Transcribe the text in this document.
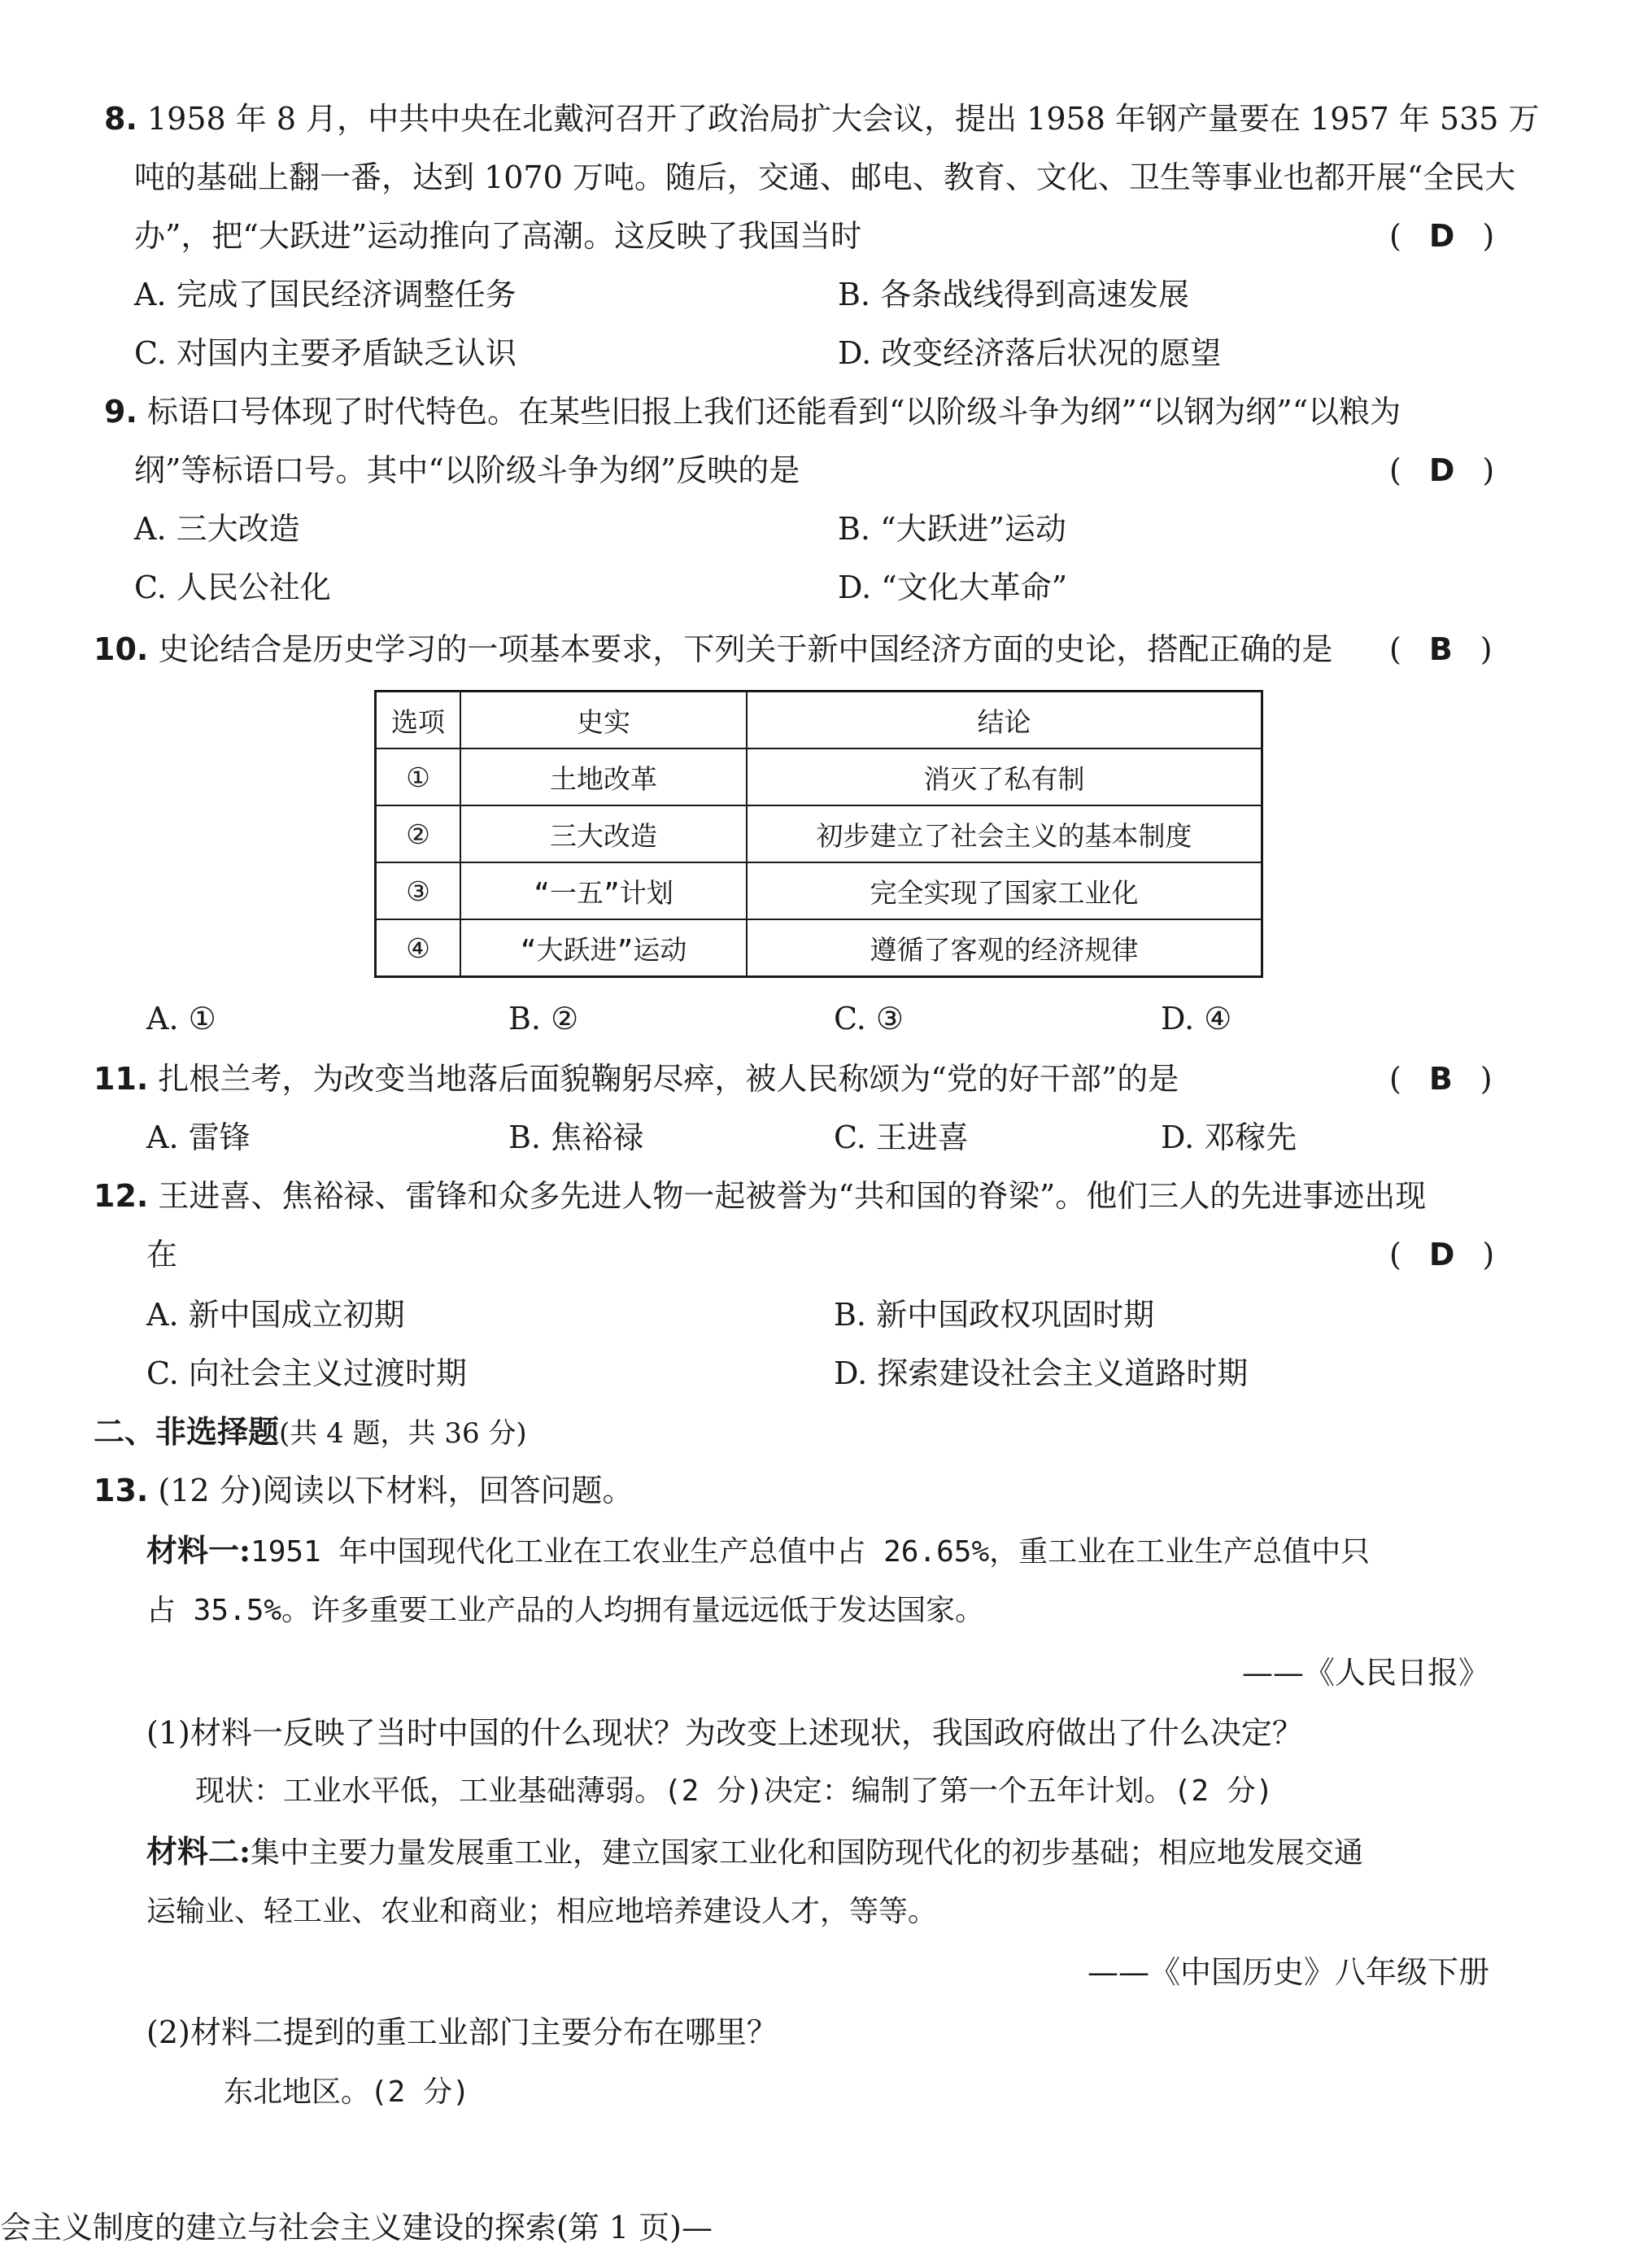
8. 1958 年 8 月，中共中央在北戴河召开了政治局扩大会议，提出 1958 年钢产量要在 1957 年 535 万
吨的基础上翻一番，达到 1070 万吨。随后，交通、邮电、教育、文化、卫生等事业也都开展“全民大
办”，把“大跃进”运动推向了高潮。这反映了我国当时	( D )
A. 完成了国民经济调整任务	B. 各条战线得到高速发展
C. 对国内主要矛盾缺乏认识	D. 改变经济落后状况的愿望
9. 标语口号体现了时代特色。在某些旧报上我们还能看到“以阶级斗争为纲”“以钢为纲”“以粮为
纲”等标语口号。其中“以阶级斗争为纲”反映的是	( D )
A. 三大改造	B. “大跃进”运动
C. 人民公社化	D. “文化大革命”
10. 史论结合是历史学习的一项基本要求，下列关于新中国经济方面的史论，搭配正确的是 ( B )
选项	史实	结论
①	土地改革	消灭了私有制
②	三大改造	初步建立了社会主义的基本制度
③	“一五”计划	完全实现了国家工业化
④	“大跃进”运动	遵循了客观的经济规律
A. ①	B. ②	C. ③	D. ④
11. 扎根兰考，为改变当地落后面貌鞠躬尽瘁，被人民称颂为“党的好干部”的是	( B )
A. 雷锋	B. 焦裕禄	C. 王进喜	D. 邓稼先
12. 王进喜、焦裕禄、雷锋和众多先进人物一起被誉为“共和国的脊梁”。他们三人的先进事迹出现
在	( D )
A. 新中国成立初期	B. 新中国政权巩固时期
C. 向社会主义过渡时期	D. 探索建设社会主义道路时期
二、非选择题(共 4 题，共 36 分)
13. (12 分)阅读以下材料，回答问题。
材料一:1951 年中国现代化工业在工农业生产总值中占 26.65%，重工业在工业生产总值中只
占 35.5%。许多重要工业产品的人均拥有量远远低于发达国家。
——《人民日报》
(1)材料一反映了当时中国的什么现状？为改变上述现状，我国政府做出了什么决定？
现状：工业水平低，工业基础薄弱。(2 分)决定：编制了第一个五年计划。(2 分)
材料二:集中主要力量发展重工业，建立国家工业化和国防现代化的初步基础；相应地发展交通
运输业、轻工业、农业和商业；相应地培养建设人才，等等。
——《中国历史》八年级下册
(2)材料二提到的重工业部门主要分布在哪里？
东北地区。(2 分)
会主义制度的建立与社会主义建设的探索(第 1 页)—
